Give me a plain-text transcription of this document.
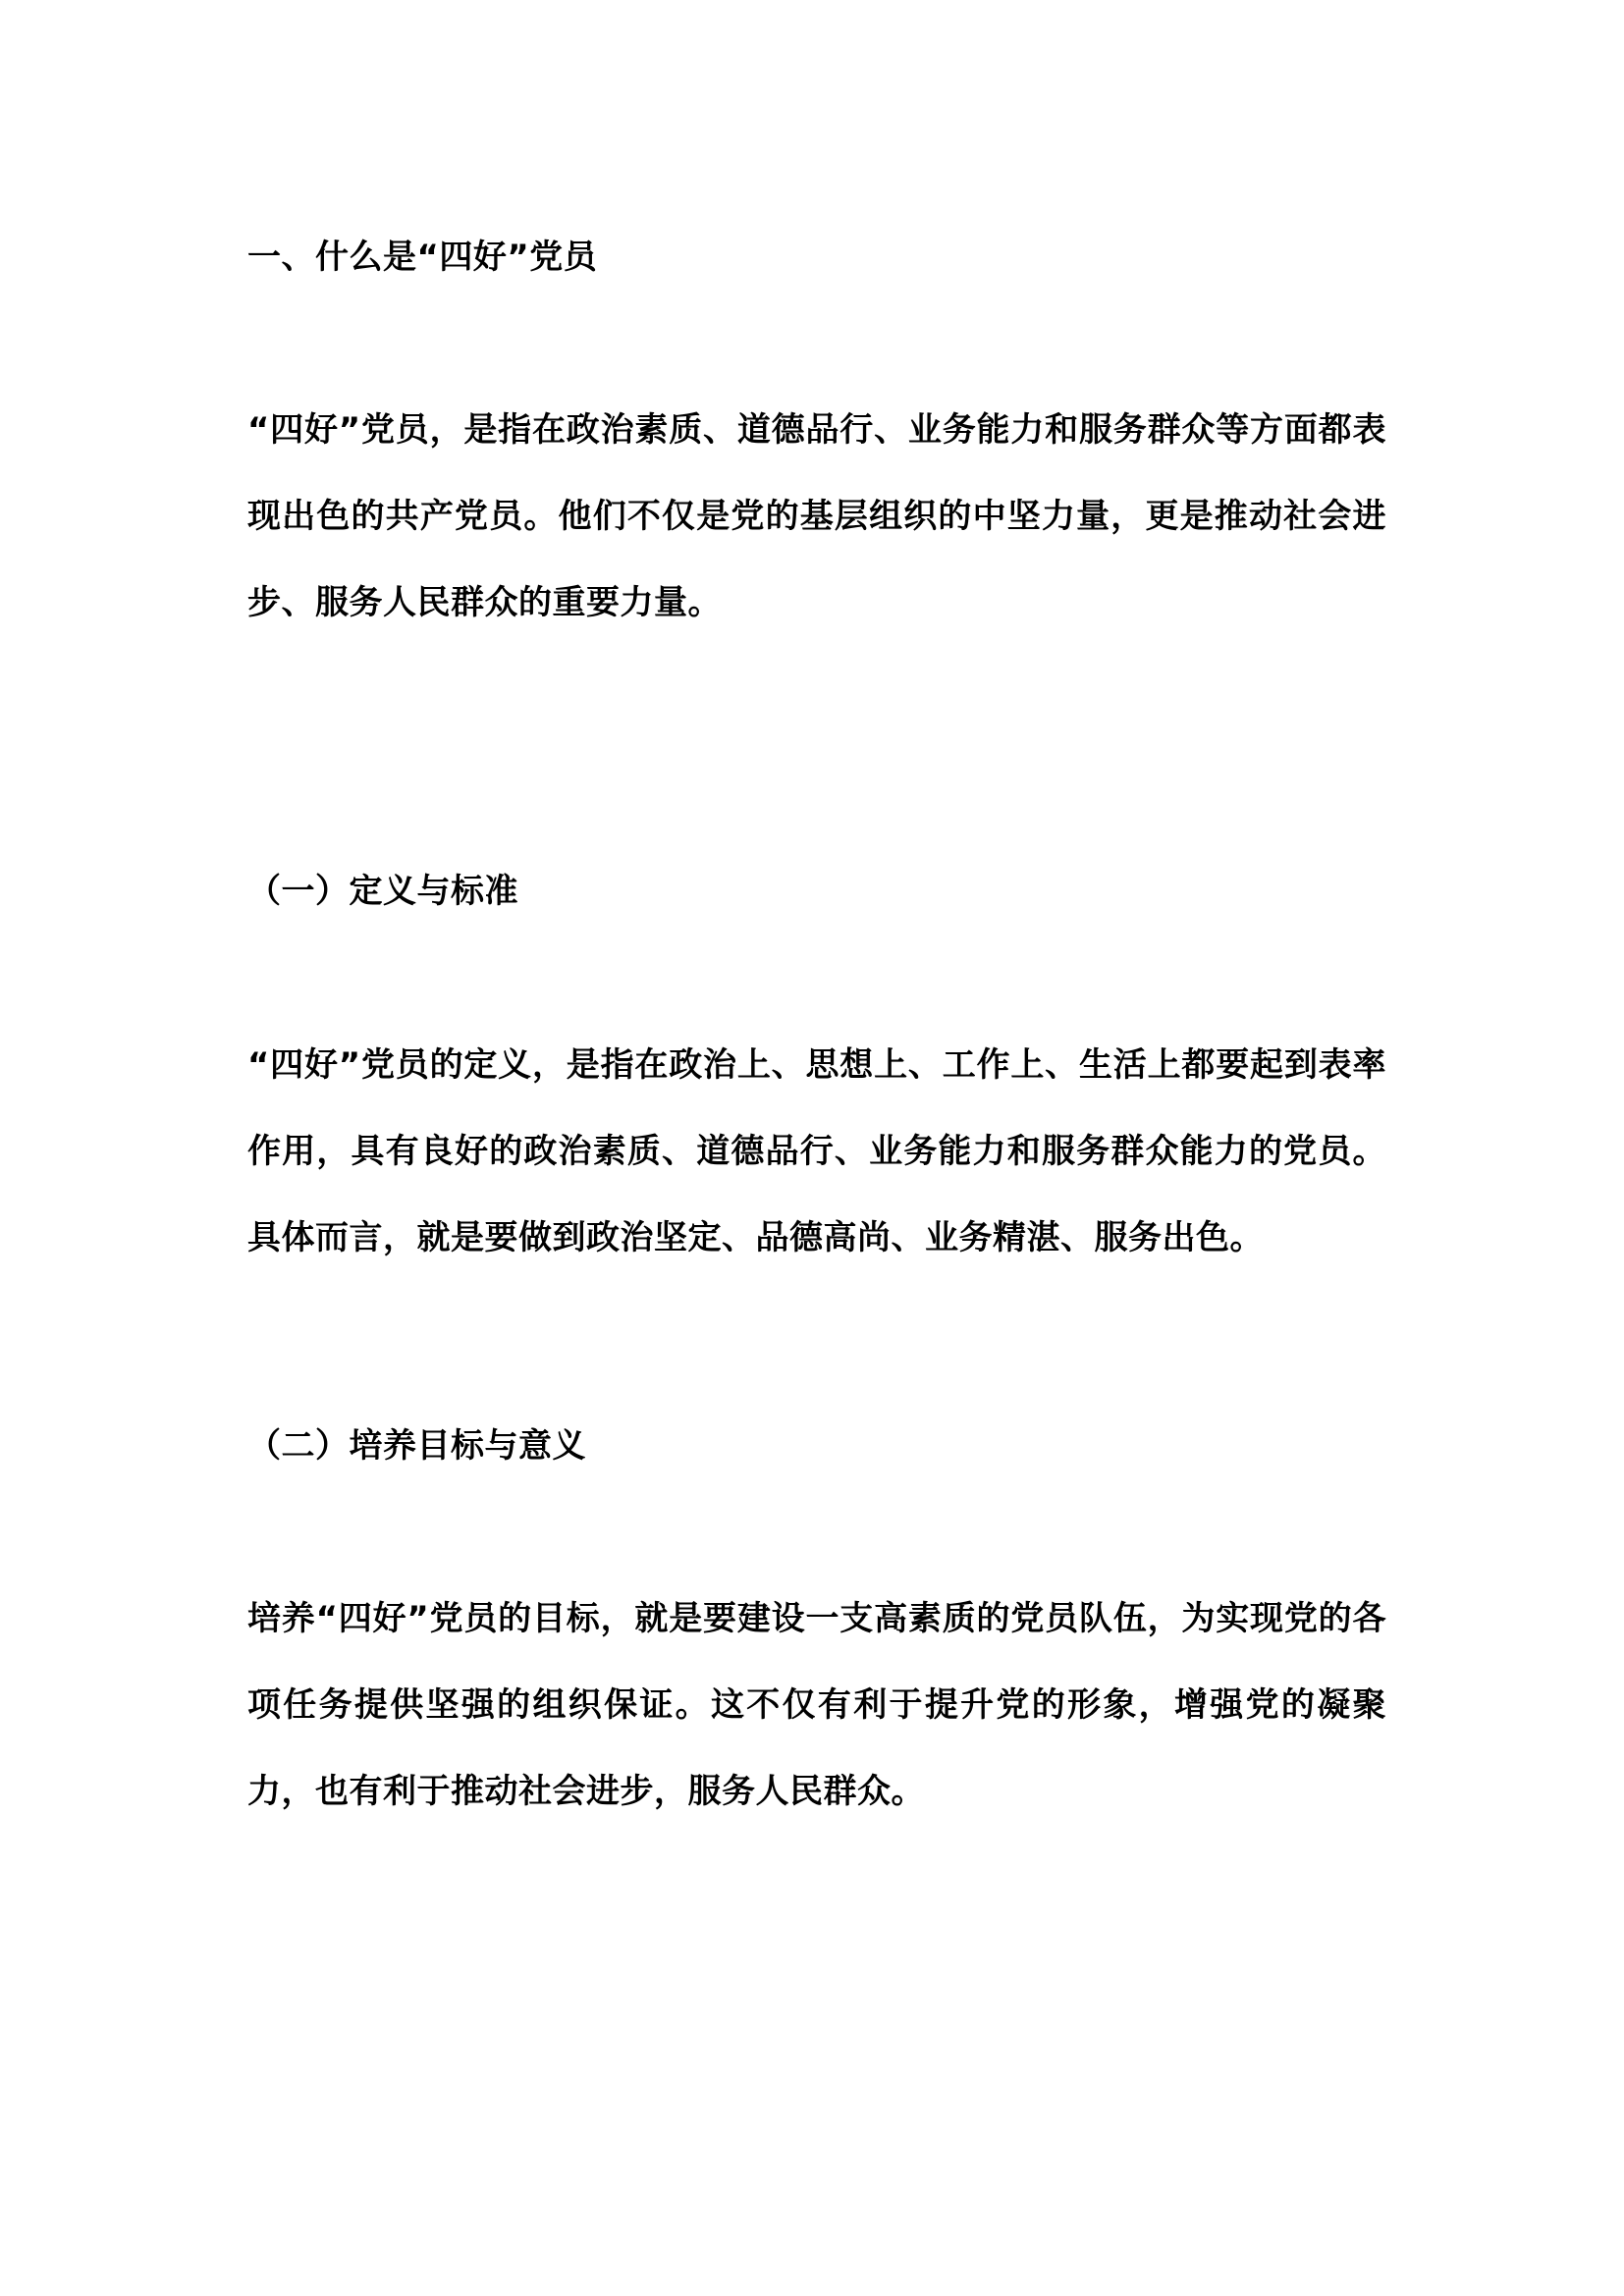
一、什么是“四好”党员

“四好”党员，是指在政治素质、道德品行、业务能力和服务群众等方面都表现出色的共产党员。他们不仅是党的基层组织的中坚力量，更是推动社会进步、服务人民群众的重要力量。

（一）定义与标准

“四好”党员的定义，是指在政治上、思想上、工作上、生活上都要起到表率作用，具有良好的政治素质、道德品行、业务能力和服务群众能力的党员。具体而言，就是要做到政治坚定、品德高尚、业务精湛、服务出色。

（二）培养目标与意义

培养“四好”党员的目标，就是要建设一支高素质的党员队伍，为实现党的各项任务提供坚强的组织保证。这不仅有利于提升党的形象，增强党的凝聚力，也有利于推动社会进步，服务人民群众。
